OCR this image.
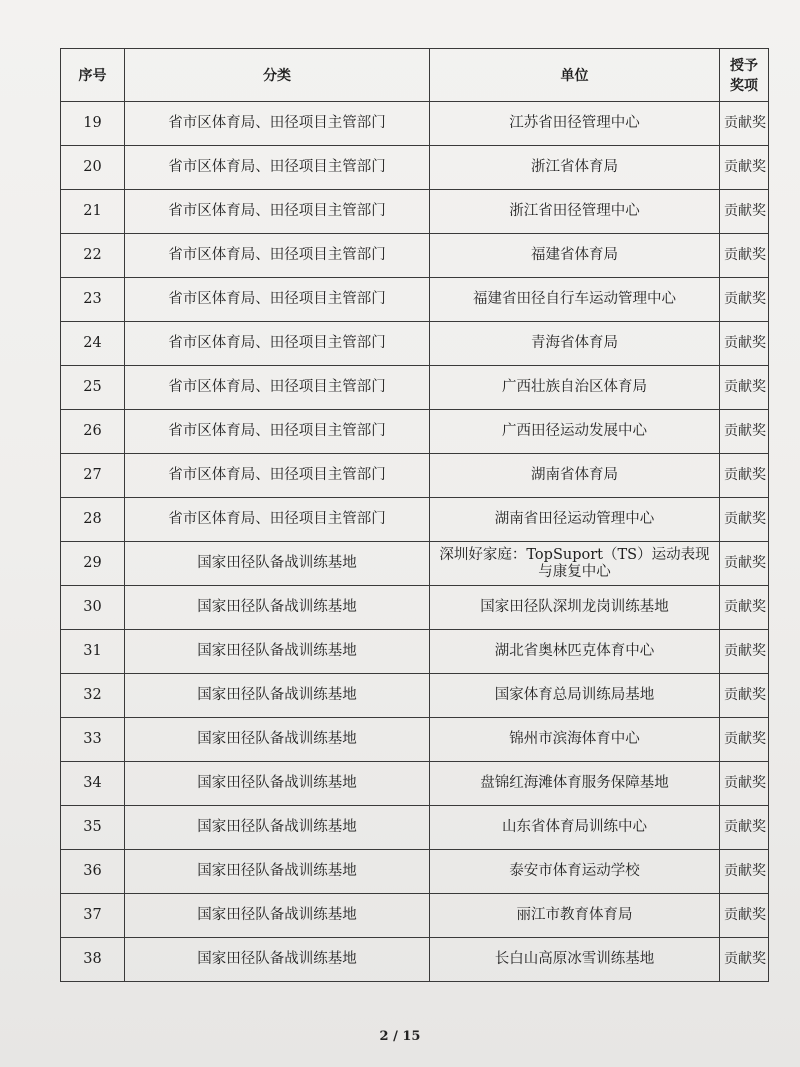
序号	分类	单位	授予奖项
19	省市区体育局、田径项目主管部门	江苏省田径管理中心	贡献奖
20	省市区体育局、田径项目主管部门	浙江省体育局	贡献奖
21	省市区体育局、田径项目主管部门	浙江省田径管理中心	贡献奖
22	省市区体育局、田径项目主管部门	福建省体育局	贡献奖
23	省市区体育局、田径项目主管部门	福建省田径自行车运动管理中心	贡献奖
24	省市区体育局、田径项目主管部门	青海省体育局	贡献奖
25	省市区体育局、田径项目主管部门	广西壮族自治区体育局	贡献奖
26	省市区体育局、田径项目主管部门	广西田径运动发展中心	贡献奖
27	省市区体育局、田径项目主管部门	湖南省体育局	贡献奖
28	省市区体育局、田径项目主管部门	湖南省田径运动管理中心	贡献奖
29	国家田径队备战训练基地	深圳好家庭：TopSuport（TS）运动表现与康复中心	贡献奖
30	国家田径队备战训练基地	国家田径队深圳龙岗训练基地	贡献奖
31	国家田径队备战训练基地	湖北省奥林匹克体育中心	贡献奖
32	国家田径队备战训练基地	国家体育总局训练局基地	贡献奖
33	国家田径队备战训练基地	锦州市滨海体育中心	贡献奖
34	国家田径队备战训练基地	盘锦红海滩体育服务保障基地	贡献奖
35	国家田径队备战训练基地	山东省体育局训练中心	贡献奖
36	国家田径队备战训练基地	泰安市体育运动学校	贡献奖
37	国家田径队备战训练基地	丽江市教育体育局	贡献奖
38	国家田径队备战训练基地	长白山高原冰雪训练基地	贡献奖
2 / 15
